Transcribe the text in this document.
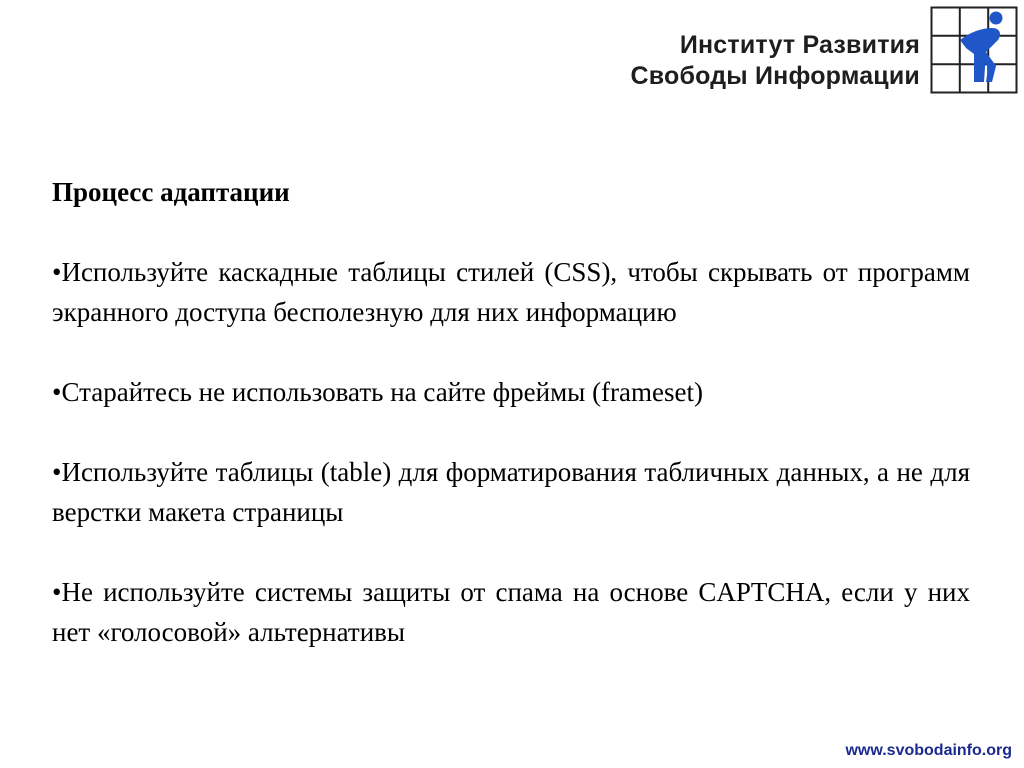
Институт Развития
Свободы Информации
Процесс адаптации
•Используйте каскадные таблицы стилей (CSS), чтобы скрывать от программ экранного доступа бесполезную для них информацию
•Старайтесь не использовать на сайте фреймы (frameset)
•Используйте таблицы (table) для форматирования табличных данных, а не для верстки макета страницы
•Не используйте системы защиты от спама на основе CAPTCHA, если у них нет «голосовой» альтернативы
www.svobodainfo.org
